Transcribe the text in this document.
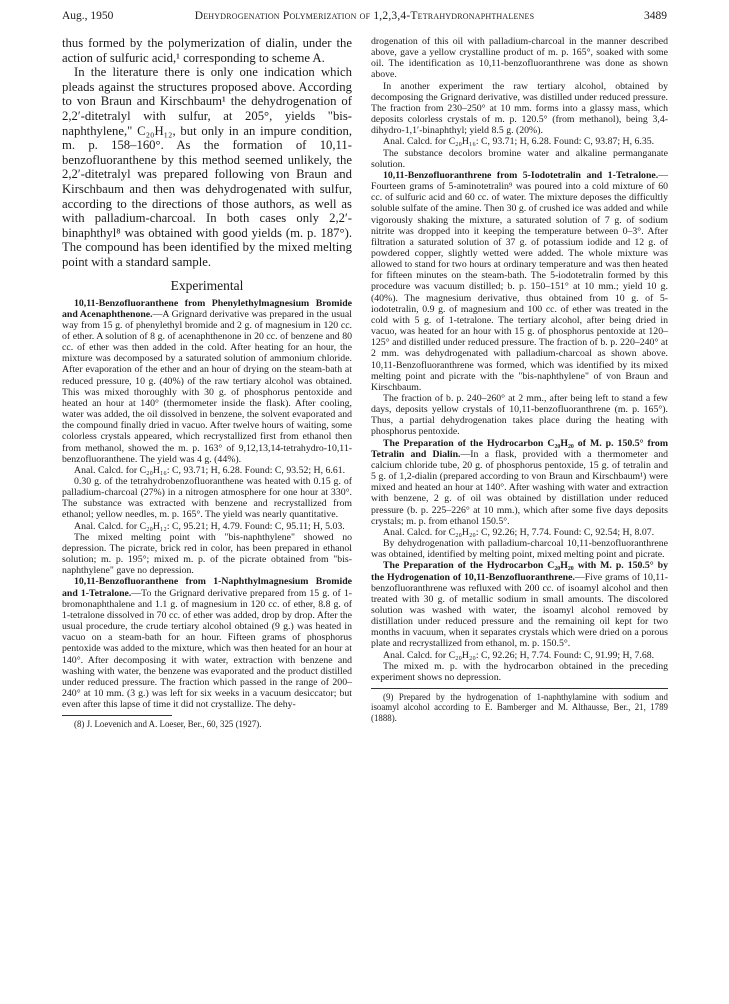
Aug., 1950	Dehydrogenation Polymerization of 1,2,3,4-Tetrahydronaphthalenes	3489

thus formed by the polymerization of dialin, under the action of sulfuric acid,¹ corresponding to scheme A.

In the literature there is only one indication which pleads against the structures proposed above. According to von Braun and Kirschbaum¹ the dehydrogenation of 2,2′-ditetralyl with sulfur, at 205°, yields "bis-naphthylene," C₂₀H₁₂, but only in an impure condition, m. p. 158–160°. As the formation of 10,11-benzofluoranthene by this method seemed unlikely, the 2,2′-ditetralyl was prepared following von Braun and Kirschbaum and then was dehydrogenated with sulfur, according to the directions of those authors, as well as with palladium-charcoal. In both cases only 2,2′-binaphthyl⁸ was obtained with good yields (m. p. 187°). The compound has been identified by the mixed melting point with a standard sample.

Experimental

10,11-Benzofluoranthene from Phenylethylmagnesium Bromide and Acenaphthenone.—A Grignard derivative was prepared in the usual way from 15 g. of phenylethyl bromide and 2 g. of magnesium in 120 cc. of ether. A solution of 8 g. of acenaphthenone in 20 cc. of benzene and 80 cc. of ether was then added in the cold. After heating for an hour, the mixture was decomposed by a saturated solution of ammonium chloride. After evaporation of the ether and an hour of drying on the steam-bath at reduced pressure, 10 g. (40%) of the raw tertiary alcohol was obtained. This was mixed thoroughly with 30 g. of phosphorus pentoxide and heated an hour at 140° (thermometer inside the flask). After cooling, water was added, the oil dissolved in benzene, the solvent evaporated and the compound finally dried in vacuo. After twelve hours of waiting, some colorless crystals appeared, which recrystallized first from ethanol then from methanol, showed the m. p. 163° of 9,12,13,14-tetrahydro-10,11-benzofluoranthene. The yield was 4 g. (44%).

Anal. Calcd. for C₂₀H₁₆: C, 93.71; H, 6.28. Found: C, 93.52; H, 6.61.

0.30 g. of the tetrahydrobenzofluoranthene was heated with 0.15 g. of palladium-charcoal (27%) in a nitrogen atmosphere for one hour at 330°. The substance was extracted with benzene and recrystallized from ethanol; yellow needles, m. p. 165°. The yield was nearly quantitative.

Anal. Calcd. for C₂₀H₁₂: C, 95.21; H, 4.79. Found: C, 95.11; H, 5.03.

The mixed melting point with "bis-naphthylene" showed no depression. The picrate, brick red in color, has been prepared in ethanol solution; m. p. 195°; mixed m. p. of the picrate obtained from "bis-naphthylene" gave no depression.

10,11-Benzofluoranthene from 1-Naphthylmagnesium Bromide and 1-Tetralone.—To the Grignard derivative prepared from 15 g. of 1-bromonaphthalene and 1.1 g. of magnesium in 120 cc. of ether, 8.8 g. of 1-tetralone dissolved in 70 cc. of ether was added, drop by drop. After the usual procedure, the crude tertiary alcohol obtained (9 g.) was heated in vacuo on a steam-bath for an hour. Fifteen grams of phosphorus pentoxide was added to the mixture, which was then heated for an hour at 140°. After decomposing it with water, extraction with benzene and washing with water, the benzene was evaporated and the product distilled under reduced pressure. The fraction which passed in the range of 200–240° at 10 mm. (3 g.) was left for six weeks in a vacuum desiccator; but even after this lapse of time it did not crystallize. The dehy-

(8) J. Loevenich and A. Loeser, Ber., 60, 325 (1927).

drogenation of this oil with palladium-charcoal in the manner described above, gave a yellow crystalline product of m. p. 165°, soaked with some oil. The identification as 10,11-benzofluoranthrene was done as shown above.

In another experiment the raw tertiary alcohol, obtained by decomposing the Grignard derivative, was distilled under reduced pressure. The fraction from 230–250° at 10 mm. forms into a glassy mass, which deposits colorless crystals of m. p. 120.5° (from methanol), being 3,4-dihydro-1,1′-binaphthyl; yield 8.5 g. (20%).

Anal. Calcd. for C₂₀H₁₆: C, 93.71; H, 6.28. Found: C, 93.87; H, 6.35.

The substance decolors bromine water and alkaline permanganate solution.

10,11-Benzofluoranthrene from 5-Iodotetralin and 1-Tetralone.—Fourteen grams of 5-aminotetralin⁹ was poured into a cold mixture of 60 cc. of sulfuric acid and 60 cc. of water. The mixture deposes the difficultly soluble sulfate of the amine. Then 30 g. of crushed ice was added and while vigorously shaking the mixture, a saturated solution of 7 g. of sodium nitrite was dropped into it keeping the temperature between 0–3°. After filtration a saturated solution of 37 g. of potassium iodide and 12 g. of powdered copper, slightly wetted were added. The whole mixture was allowed to stand for two hours at ordinary temperature and was then heated for fifteen minutes on the steam-bath. The 5-iodotetralin formed by this procedure was vacuum distilled; b. p. 150–151° at 10 mm.; yield 10 g. (40%). The magnesium derivative, thus obtained from 10 g. of 5-iodotetralin, 0.9 g. of magnesium and 100 cc. of ether was treated in the cold with 5 g. of 1-tetralone. The tertiary alcohol, after being dried in vacuo, was heated for an hour with 15 g. of phosphorus pentoxide at 120–125° and distilled under reduced pressure. The fraction of b. p. 220–240° at 2 mm. was dehydrogenated with palladium-charcoal as shown above. 10,11-Benzofluoranthrene was formed, which was identified by its mixed melting point and picrate with the "bis-naphthylene" of von Braun and Kirschbaum.

The fraction of b. p. 240–260° at 2 mm., after being left to stand a few days, deposits yellow crystals of 10,11-benzofluoranthrene (m. p. 165°). Thus, a partial dehydrogenation takes place during the heating with phosphorus pentoxide.

The Preparation of the Hydrocarbon C₂₀H₂₀ of M. p. 150.5° from Tetralin and Dialin.—In a flask, provided with a thermometer and calcium chloride tube, 20 g. of phosphorus pentoxide, 15 g. of tetralin and 5 g. of 1,2-dialin (prepared according to von Braun and Kirschbaum¹) were mixed and heated an hour at 140°. After washing with water and extraction with benzene, 2 g. of oil was obtained by distillation under reduced pressure (b. p. 225–226° at 10 mm.), which after some five days deposits crystals; m. p. from ethanol 150.5°.

Anal. Calcd. for C₂₀H₂₀: C, 92.26; H, 7.74. Found: C, 92.54; H, 8.07.

By dehydrogenation with palladium-charcoal 10,11-benzofluoranthrene was obtained, identified by melting point, mixed melting point and picrate.

The Preparation of the Hydrocarbon C₂₀H₂₀ with M. p. 150.5° by the Hydrogenation of 10,11-Benzofluoranthrene.—Five grams of 10,11-benzofluoranthrene was refluxed with 200 cc. of isoamyl alcohol and then treated with 30 g. of metallic sodium in small amounts. The discolored solution was washed with water, the isoamyl alcohol removed by distillation under reduced pressure and the remaining oil kept for two months in vacuum, when it separates crystals which were dried on a porous plate and recrystallized from ethanol, m. p. 150.5°.

Anal. Calcd. for C₂₀H₂₀: C, 92.26; H, 7.74. Found: C, 91.99; H, 7.68.

The mixed m. p. with the hydrocarbon obtained in the preceding experiment shows no depression.

(9) Prepared by the hydrogenation of 1-naphthylamine with sodium and isoamyl alcohol according to E. Bamberger and M. Althausse, Ber., 21, 1789 (1888).
